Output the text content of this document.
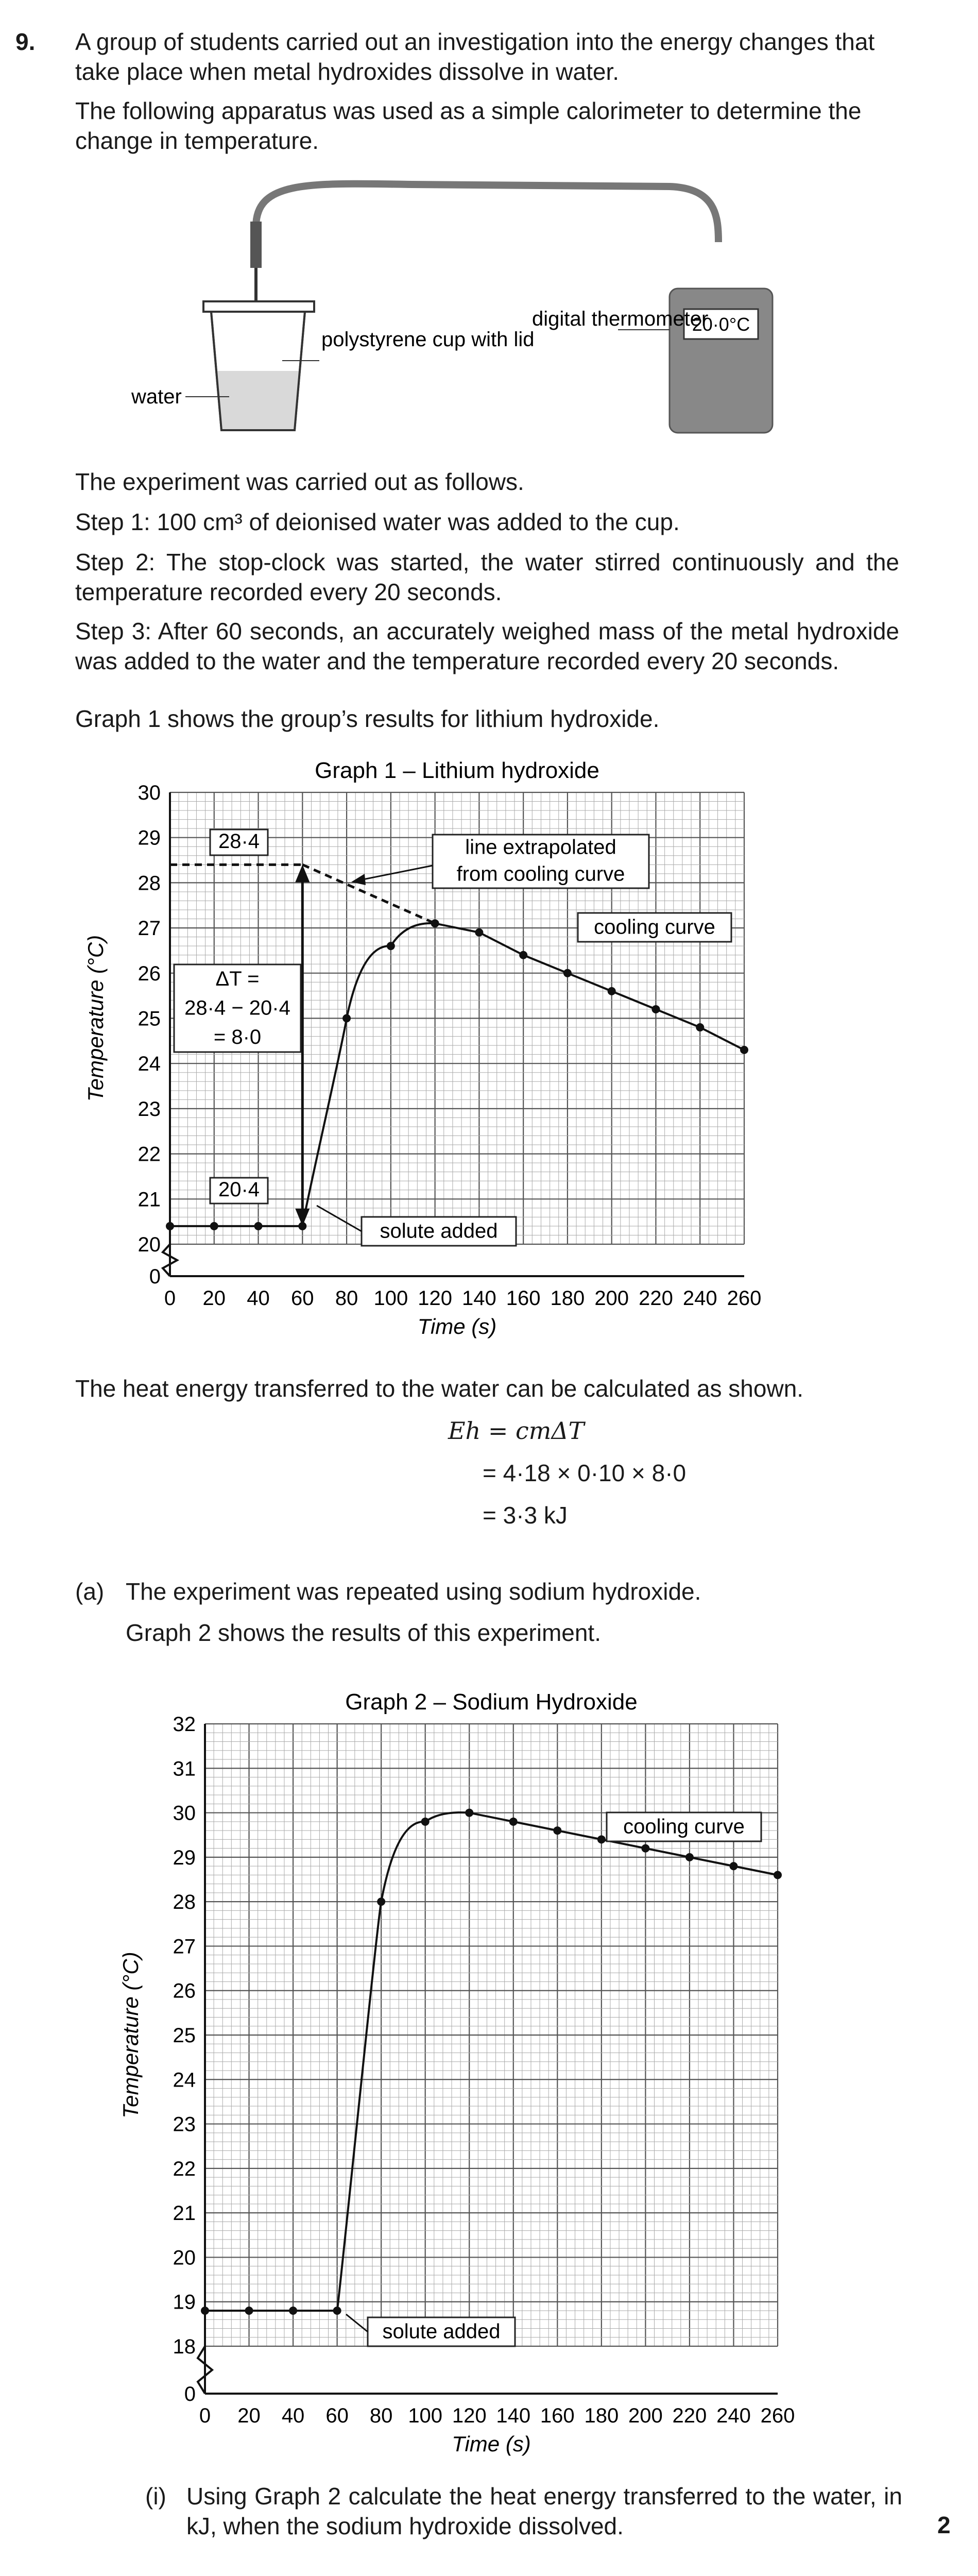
9. A group of students carried out an investigation into the energy changes that take place when metal hydroxides dissolve in water.

The following apparatus was used as a simple calorimeter to determine the change in temperature.

polystyrene cup with lid
water
20·0°C
digital thermometer

The experiment was carried out as follows.

Step 1: 100 cm³ of deionised water was added to the cup.

Step 2: The stop-clock was started, the water stirred continuously and the temperature recorded every 20 seconds.

Step 3: After 60 seconds, an accurately weighed mass of the metal hydroxide was added to the water and the temperature recorded every 20 seconds.

Graph 1 shows the group’s results for lithium hydroxide.

Graph 1 – Lithium hydroxide
20
21
22
23
24
25
26
27
28
29
30
0
0 20 40 60 80 100 120 140 160 180 200 220 240 260
Time (s)
Temperature (°C)
28·4
20·4
ΔT =
28·4 − 20·4
= 8·0
line extrapolated
from cooling curve
cooling curve
solute added

The heat energy transferred to the water can be calculated as shown.

Eh = cmΔT
= 4·18 × 0·10 × 8·0
= 3·3 kJ
(a) The experiment was repeated using sodium hydroxide.

Graph 2 shows the results of this experiment.

Graph 2 – Sodium Hydroxide
18
19
20
21
22
23
24
25
26
27
28
29
30
31
32
0
0 20 40 60 80 100 120 140 160 180 200 220 240 260
Time (s)
Temperature (°C)
cooling curve
solute added
(i) Using Graph 2 calculate the heat energy transferred to the water, in kJ, when the sodium hydroxide dissolved.	2
